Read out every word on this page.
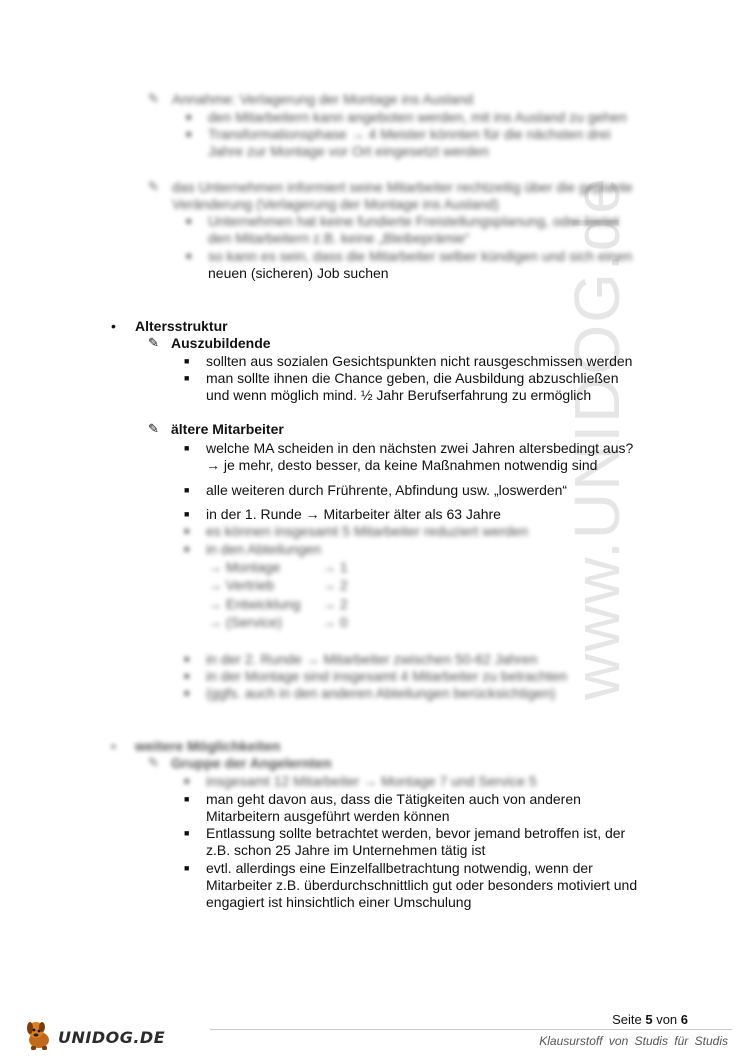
www.UNIDOG.de
✎ Annahme: Verlagerung der Montage ins Ausland
■ den Mitarbeitern kann angeboten werden, mit ins Ausland zu gehen
■ Transformationsphase → 4 Meister könnten für die nächsten drei
Jahre zur Montage vor Ort eingesetzt werden
✎ das Unternehmen informiert seine Mitarbeiter rechtzeitig über die geplante
Veränderung (Verlagerung der Montage ins Ausland)
■ Unternehmen hat keine fundierte Freistellungsplanung, oder bietet
den Mitarbeitern z.B. keine „Bleibeprämie“
■ so kann es sein, dass die Mitarbeiter selber kündigen und sich einen
neuen (sicheren) Job suchen
• Altersstruktur
✎ Auszubildende
■ sollten aus sozialen Gesichtspunkten nicht rausgeschmissen werden
■ man sollte ihnen die Chance geben, die Ausbildung abzuschließen
und wenn möglich mind. ½ Jahr Berufserfahrung zu ermöglich
✎ ältere Mitarbeiter
■ welche MA scheiden in den nächsten zwei Jahren altersbedingt aus?
→ je mehr, desto besser, da keine Maßnahmen notwendig sind
■ alle weiteren durch Frührente, Abfindung usw. „loswerden“
■ in der 1. Runde → Mitarbeiter älter als 63 Jahre
■ es können insgesamt 5 Mitarbeiter reduziert werden
■ in den Abteilungen
→ Montage	→ 1
→ Vertrieb	→ 2
→ Entwicklung → 2
→ (Service)	→ 0
■ in der 2. Runde → Mitarbeiter zwischen 50-62 Jahren
■ in der Montage sind insgesamt 4 Mitarbeiter zu betrachten
■ (ggfs. auch in den anderen Abteilungen berücksichtigen)
• weitere Möglichkeiten
✎ Gruppe der Angelernten
■ insgesamt 12 Mitarbeiter → Montage 7 und Service 5
■ man geht davon aus, dass die Tätigkeiten auch von anderen
Mitarbeitern ausgeführt werden können
■ Entlassung sollte betrachtet werden, bevor jemand betroffen ist, der
z.B. schon 25 Jahre im Unternehmen tätig ist
■ evtl. allerdings eine Einzelfallbetrachtung notwendig, wenn der
Mitarbeiter z.B. überdurchschnittlich gut oder besonders motiviert und
engagiert ist hinsichtlich einer Umschulung
Seite 5 von 6
Klausurstoff von Studis für Studis
UNIDOG.DE
